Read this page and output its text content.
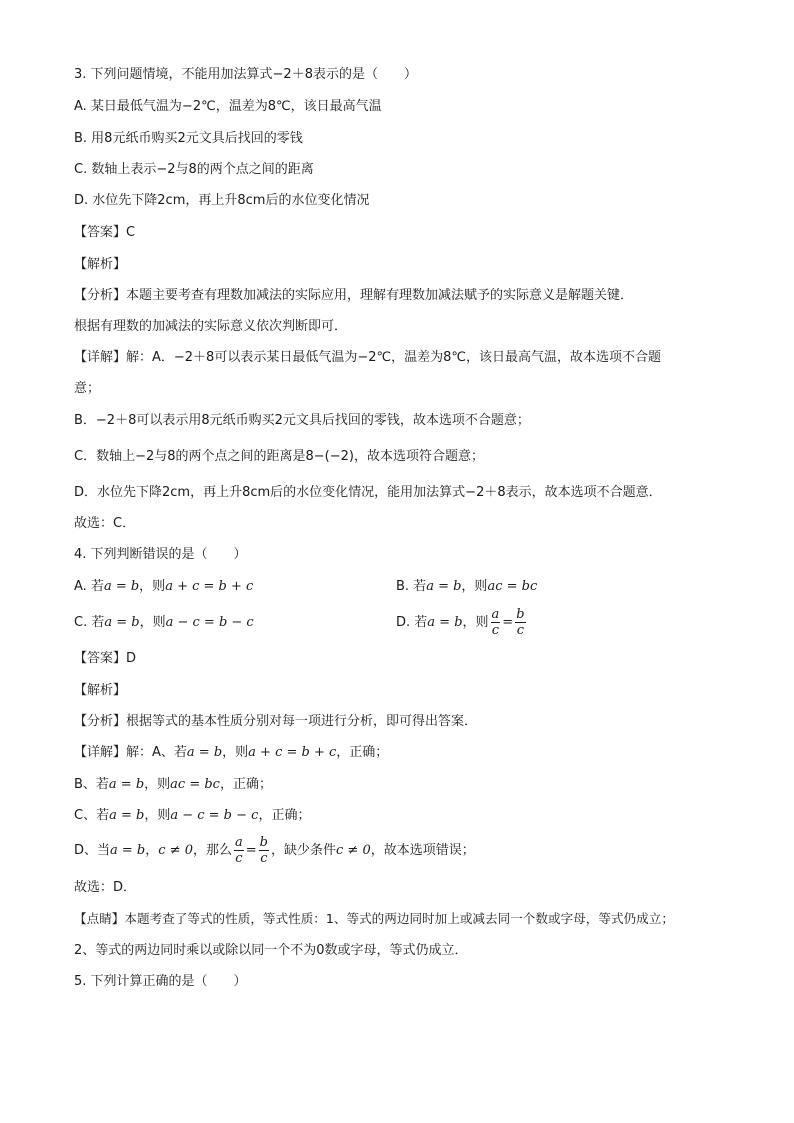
3. 下列问题情境，不能用加法算式−2＋8表示的是（　　）
A. 某日最低气温为−2℃，温差为8℃，该日最高气温
B. 用8元纸币购买2元文具后找回的零钱
C. 数轴上表示−2与8的两个点之间的距离
D. 水位先下降2cm，再上升8cm后的水位变化情况
【答案】C
【解析】
【分析】本题主要考查有理数加减法的实际应用，理解有理数加减法赋予的实际意义是解题关键．
根据有理数的加减法的实际意义依次判断即可．
【详解】解：A．−2＋8可以表示某日最低气温为−2℃，温差为8℃，该日最高气温，故本选项不合题
意；
B．−2＋8可以表示用8元纸币购买2元文具后找回的零钱，故本选项不合题意；
C．数轴上−2与8的两个点之间的距离是8−(−2)，故本选项符合题意；
D．水位先下降2cm，再上升8cm后的水位变化情况，能用加法算式−2＋8表示，故本选项不合题意．
故选：C．
4. 下列判断错误的是（　　）
A. 若a = b，则a + c = b + c	B. 若a = b，则ac = bc
C. 若a = b，则a − c = b − c	D. 若a = b，则 $\frac{a}{c} = \frac{b}{c}$
【答案】D
【解析】
【分析】根据等式的基本性质分别对每一项进行分析，即可得出答案．
【详解】解：A、若a = b，则a + c = b + c，正确；
B、若a = b，则ac = bc，正确；
C、若a = b，则a − c = b − c，正确；
D、当a = b，c ≠ 0，那么 $\frac{a}{c} = \frac{b}{c}$ ，缺少条件c ≠ 0，故本选项错误；
故选：D．
【点睛】本题考查了等式的性质，等式性质：1、等式的两边同时加上或减去同一个数或字母，等式仍成立；
2、等式的两边同时乘以或除以同一个不为0数或字母，等式仍成立．
5. 下列计算正确的是（　　）
